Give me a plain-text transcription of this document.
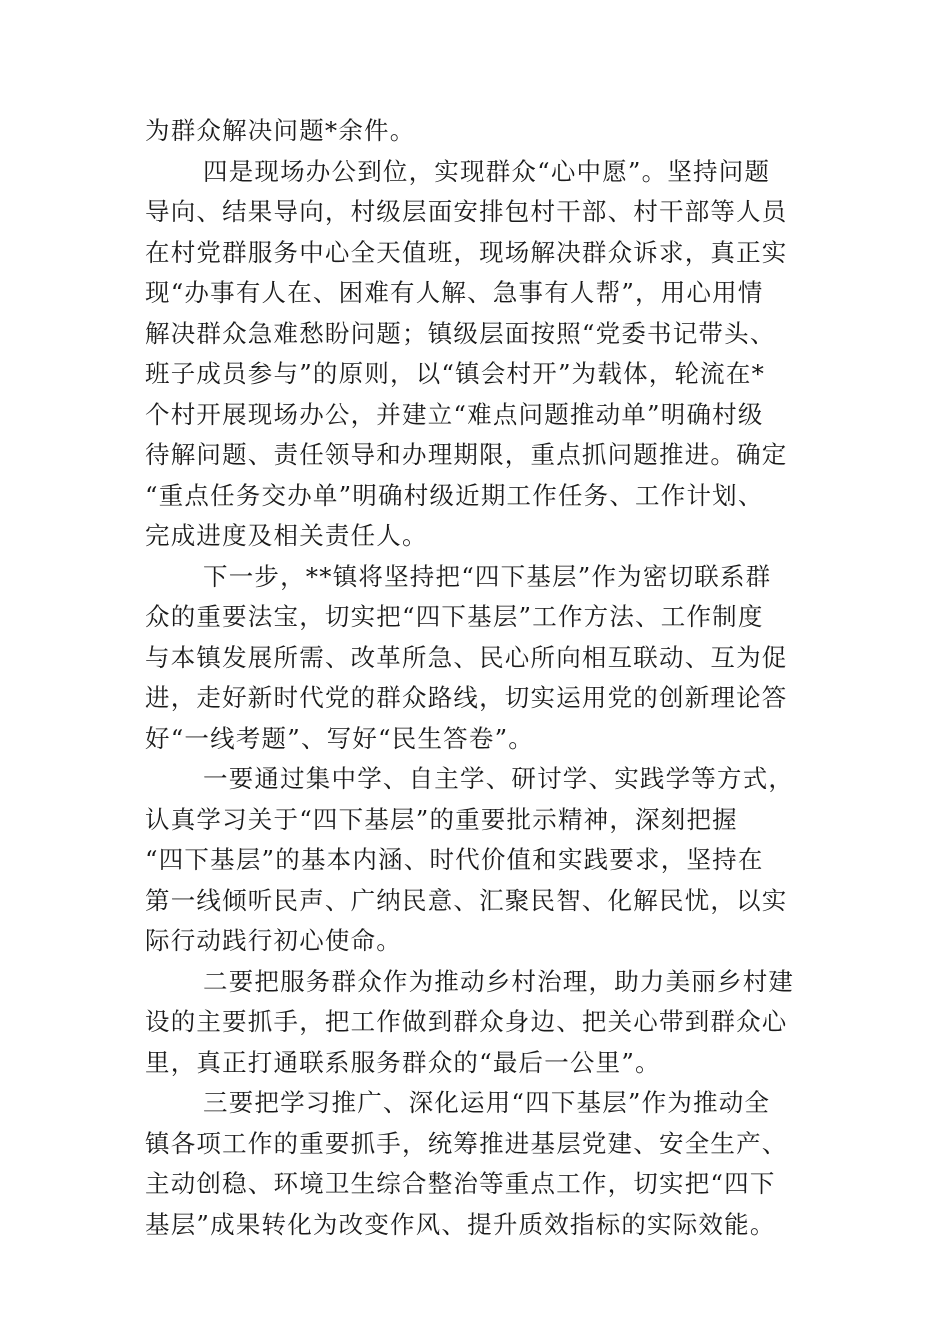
为群众解决问题*余件。
四是现场办公到位，实现群众“心中愿”。坚持问题
导向、结果导向，村级层面安排包村干部、村干部等人员
在村党群服务中心全天值班，现场解决群众诉求，真正实
现“办事有人在、困难有人解、急事有人帮”，用心用情
解决群众急难愁盼问题；镇级层面按照“党委书记带头、
班子成员参与”的原则，以“镇会村开”为载体，轮流在*
个村开展现场办公，并建立“难点问题推动单”明确村级
待解问题、责任领导和办理期限，重点抓问题推进。确定
“重点任务交办单”明确村级近期工作任务、工作计划、
完成进度及相关责任人。
下一步，**镇将坚持把“四下基层”作为密切联系群
众的重要法宝，切实把“四下基层”工作方法、工作制度
与本镇发展所需、改革所急、民心所向相互联动、互为促
进，走好新时代党的群众路线，切实运用党的创新理论答
好“一线考题”、写好“民生答卷”。
一要通过集中学、自主学、研讨学、实践学等方式，
认真学习关于“四下基层”的重要批示精神，深刻把握
“四下基层”的基本内涵、时代价值和实践要求，坚持在
第一线倾听民声、广纳民意、汇聚民智、化解民忧，以实
际行动践行初心使命。
二要把服务群众作为推动乡村治理，助力美丽乡村建
设的主要抓手，把工作做到群众身边、把关心带到群众心
里，真正打通联系服务群众的“最后一公里”。
三要把学习推广、深化运用“四下基层”作为推动全
镇各项工作的重要抓手，统筹推进基层党建、安全生产、
主动创稳、环境卫生综合整治等重点工作，切实把“四下
基层”成果转化为改变作风、提升质效指标的实际效能。
